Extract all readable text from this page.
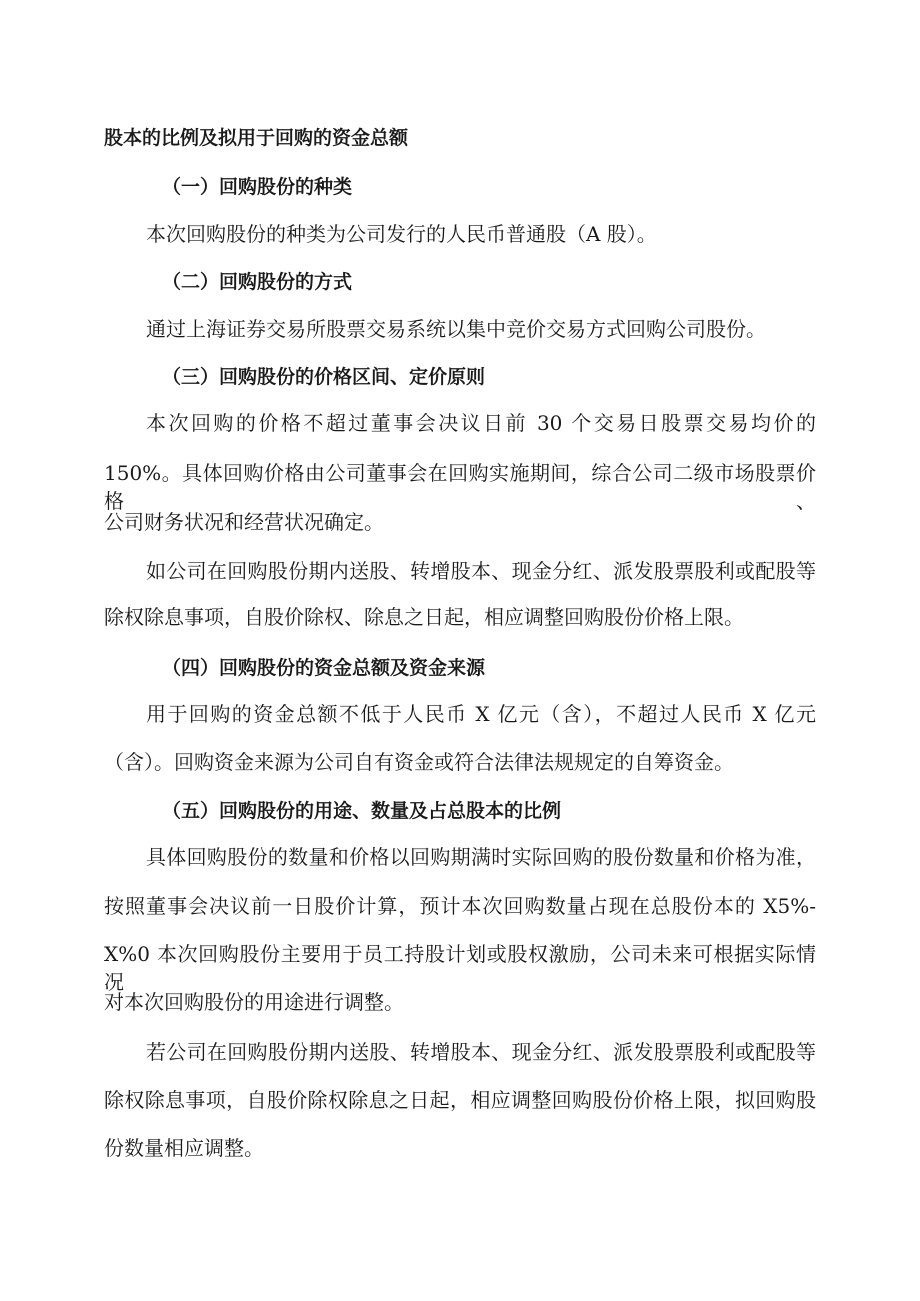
股本的比例及拟用于回购的资金总额
（一）回购股份的种类
本次回购股份的种类为公司发行的人民币普通股（A 股）。
（二）回购股份的方式
通过上海证券交易所股票交易系统以集中竞价交易方式回购公司股份。
（三）回购股份的价格区间、定价原则
本次回购的价格不超过董事会决议日前 30 个交易日股票交易均价的
150%。具体回购价格由公司董事会在回购实施期间，综合公司二级市场股票价格、
公司财务状况和经营状况确定。
如公司在回购股份期内送股、转增股本、现金分红、派发股票股利或配股等
除权除息事项，自股价除权、除息之日起，相应调整回购股份价格上限。
（四）回购股份的资金总额及资金来源
用于回购的资金总额不低于人民币 X 亿元（含），不超过人民币 X 亿元
（含）。回购资金来源为公司自有资金或符合法律法规规定的自筹资金。
（五）回购股份的用途、数量及占总股本的比例
具体回购股份的数量和价格以回购期满时实际回购的股份数量和价格为准，
按照董事会决议前一日股价计算，预计本次回购数量占现在总股份本的 X5%-
X%0 本次回购股份主要用于员工持股计划或股权激励，公司未来可根据实际情况
对本次回购股份的用途进行调整。
若公司在回购股份期内送股、转增股本、现金分红、派发股票股利或配股等
除权除息事项，自股价除权除息之日起，相应调整回购股份价格上限，拟回购股
份数量相应调整。
